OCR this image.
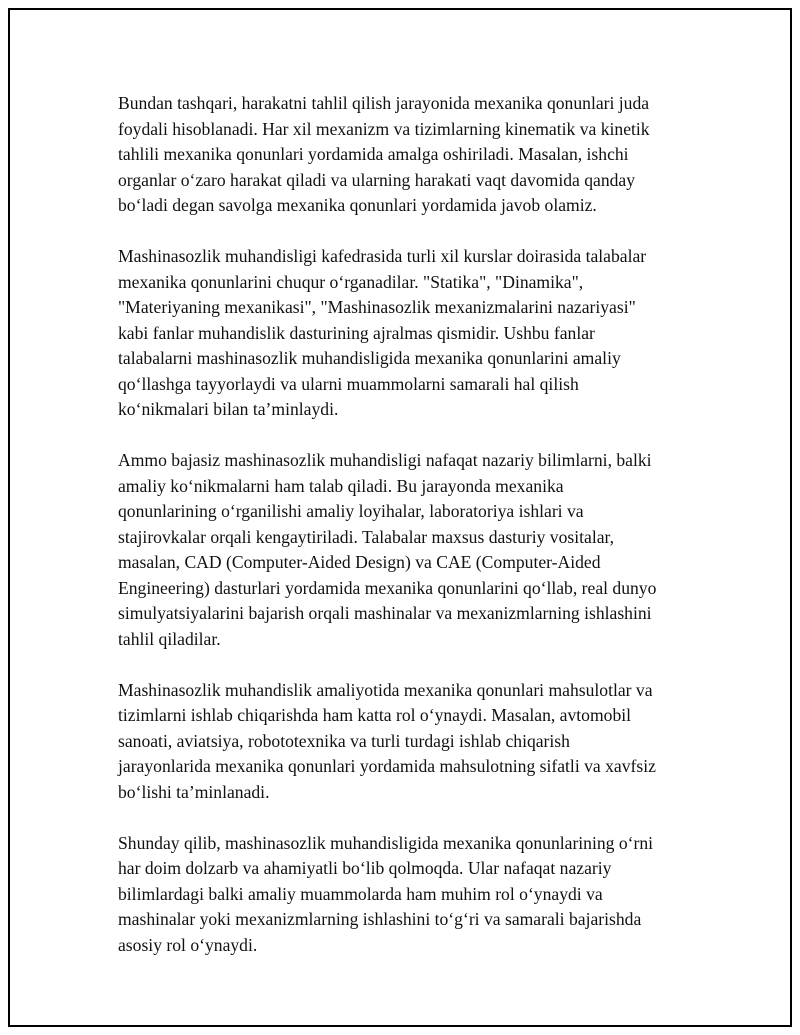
Bundan tashqari, harakatni tahlil qilish jarayonida mexanika qonunlari juda
foydali hisoblanadi. Har xil mexanizm va tizimlarning kinematik va kinetik
tahlili mexanika qonunlari yordamida amalga oshiriladi. Masalan, ishchi
organlar o‘zaro harakat qiladi va ularning harakati vaqt davomida qanday
bo‘ladi degan savolga mexanika qonunlari yordamida javob olamiz.

Mashinasozlik muhandisligi kafedrasida turli xil kurslar doirasida talabalar
mexanika qonunlarini chuqur o‘rganadilar. "Statika", "Dinamika",
"Materiyaning mexanikasi", "Mashinasozlik mexanizmalarini nazariyasi"
kabi fanlar muhandislik dasturining ajralmas qismidir. Ushbu fanlar
talabalarni mashinasozlik muhandisligida mexanika qonunlarini amaliy
qo‘llashga tayyorlaydi va ularni muammolarni samarali hal qilish
ko‘nikmalari bilan ta’minlaydi.

Ammo bajasiz mashinasozlik muhandisligi nafaqat nazariy bilimlarni, balki
amaliy ko‘nikmalarni ham talab qiladi. Bu jarayonda mexanika
qonunlarining o‘rganilishi amaliy loyihalar, laboratoriya ishlari va
stajirovkalar orqali kengaytiriladi. Talabalar maxsus dasturiy vositalar,
masalan, CAD (Computer-Aided Design) va CAE (Computer-Aided
Engineering) dasturlari yordamida mexanika qonunlarini qo‘llab, real dunyo
simulyatsiyalarini bajarish orqali mashinalar va mexanizmlarning ishlashini
tahlil qiladilar.

Mashinasozlik muhandislik amaliyotida mexanika qonunlari mahsulotlar va
tizimlarni ishlab chiqarishda ham katta rol o‘ynaydi. Masalan, avtomobil
sanoati, aviatsiya, robototexnika va turli turdagi ishlab chiqarish
jarayonlarida mexanika qonunlari yordamida mahsulotning sifatli va xavfsiz
bo‘lishi ta’minlanadi.

Shunday qilib, mashinasozlik muhandisligida mexanika qonunlarining o‘rni
har doim dolzarb va ahamiyatli bo‘lib qolmoqda. Ular nafaqat nazariy
bilimlardagi balki amaliy muammolarda ham muhim rol o‘ynaydi va
mashinalar yoki mexanizmlarning ishlashini to‘g‘ri va samarali bajarishda
asosiy rol o‘ynaydi.
